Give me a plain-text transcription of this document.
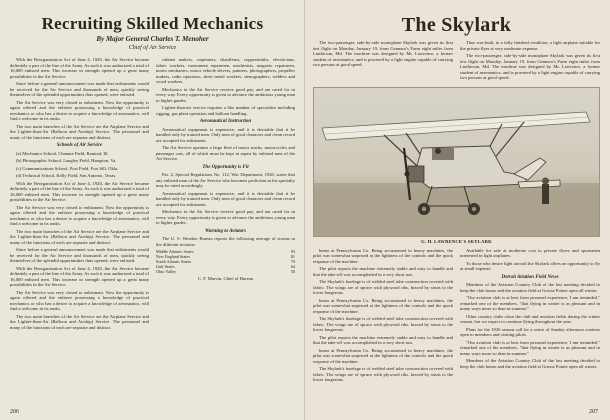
Recruiting Skilled Mechanics
By Major General Charles T. Menoher
Chief of Air Service

With the Reorganization Act of June 4, 1920, the Air Service became definitely a part of the line of the Army. As such it was authorized a total of 16,000 enlisted men. This increase in strength opened up a great many possibilities in the Air Service.

Since before a general announcement was made that enlistments would be received for the Air Service and thousands of men, quickly seeing themselves of the splendid opportunities thus opened, were enlisted.

The Air Service was very closed to enlistment. Now the opportunity is again offered and the enlistee possessing a knowledge of practical mechanics or who has a desire to acquire a knowledge of aeronautics, will find a welcome in its ranks.

The two main branches of the Air Service are the Airplane Service and the Lighter-than-Air (Balloon and Airship) Service. The personnel and many of the functions of each are separate and distinct.

Schools of Air Service

(a) Mechanics School, Chanute Field, Rantoul, Ill.

(b) Photographic School, Langley Field, Hampton, Va.

(c) Communications School, Post Field, Fort Sill, Okla.

(d) Technical School, Kelly Field, San Antonio, Texas.

With the Reorganization Act of June 4, 1920, the Air Service became definitely a part of the line of the Army. As such it was authorized a total of 16,000 enlisted men. This increase in strength opened up a great many possibilities in the Air Service.

The Air Service was very closed to enlistment. Now the opportunity is again offered and the enlistee possessing a knowledge of practical mechanics or who has a desire to acquire a knowledge of aeronautics, will find a welcome in its ranks.

The two main branches of the Air Service are the Airplane Service and the Lighter-than-Air (Balloon and Airship) Service. The personnel and many of the functions of each are separate and distinct.

Since before a general announcement was made that enlistments would be received for the Air Service and thousands of men, quickly seeing themselves of the splendid opportunities thus opened, were enlisted.

With the Reorganization Act of June 4, 1920, the Air Service became definitely a part of the line of the Army. As such it was authorized a total of 16,000 enlisted men. This increase in strength opened up a great many possibilities in the Air Service.

The Air Service was very closed to enlistment. Now the opportunity is again offered and the enlistee possessing a knowledge of practical mechanics or who has a desire to acquire a knowledge of aeronautics, will find a welcome in its ranks.

The two main branches of the Air Service are the Airplane Service and the Lighter-than-Air (Balloon and Airship) Service. The personnel and many of the functions of each are separate and distinct.

cabinet makers, carpenters, chauffeurs, coppersmiths, electricians, fabric workers, instrument repairmen, machinists, magneto repairmen, motor mechanics, motor vehicle drivers, painters, photographers, propeller makers, radio operators, sheet metal workers, stenographers, welders and wood workers.

Mechanics in the Air Service receive good pay, and are cared for in every way. Every opportunity is given to advance the ambitious young man to higher grades.

Lighter-than-air service requires a like number of specialties including rigging, gas plant operation and balloon handling.

Aeronautical Instruction

Aeronautical equipment is expensive, and it is desirable that it be handled only by trained men. Only men of good character and clean record are accepted for enlistment.

The Air Service operates a large fleet of motor trucks, motorcycles and passenger cars, all of which must be kept in repair by enlisted men of the Air Service.

The Opportunity is Fit

Par. 2, Special Regulations No. 112, War Department, 1920, states that any enlisted man of the Air Service who becomes proficient in his specialty may be rated accordingly.

Aeronautical equipment is expensive, and it is desirable that it be handled only by trained men. Only men of good character and clean record are accepted for enlistment.

Mechanics in the Air Service receive good pay, and are cared for in every way. Every opportunity is given to advance the ambitious young man to higher grades.

Warning to Aviators

The U. S. Weather Bureau reports the following average of storms in the different sections:

Middle Atlantic States	93
New England States	81
South Atlantic States	70
Gulf States	64
Ohio Valley	58

C. F. Marvin, Chief of Bureau

206
The Skylark

The two-passenger, side-by-side monoplane Skylark was given its first test flight on Monday, January 19, from Gennaro's Farm eight miles from Linthicum, Md. The machine was designed by Mr. Lawrence, a former student of aeronautics, and is powered by a light engine capable of carrying two persons at good speed.

Thus was built, in a fully finished condition, a light airplane suitable for the private flyer at very moderate expense.

The two-passenger, side-by-side monoplane Skylark was given its first test flight on Monday, January 19, from Gennaro's Farm eight miles from Linthicum, Md. The machine was designed by Mr. Lawrence, a former student of aeronautics, and is powered by a light engine capable of carrying two persons at good speed.

G. H. LAWRENCE'S SKYLARK

beam at Pennsylvania Co. Being accustomed to heavy machines, the pilot was somewhat surprised at the lightness of the controls and the quick response of the machine.

The pilot reports the machine extremely stable and easy to handle and that the take-off was accomplished in a very short run.

The Skylark's fuselage is of welded steel tube construction covered with fabric. The wings are of spruce with plywood ribs, braced by struts to the lower longerons.

beam at Pennsylvania Co. Being accustomed to heavy machines, the pilot was somewhat surprised at the lightness of the controls and the quick response of the machine.

The Skylark's fuselage is of welded steel tube construction covered with fabric. The wings are of spruce with plywood ribs, braced by struts to the lower longerons.

The pilot reports the machine extremely stable and easy to handle and that the take-off was accomplished in a very short run.

beam at Pennsylvania Co. Being accustomed to heavy machines, the pilot was somewhat surprised at the lightness of the controls and the quick response of the machine.

The Skylark's fuselage is of welded steel tube construction covered with fabric. The wings are of spruce with plywood ribs, braced by struts to the lower longerons.

Available for sale at moderate cost to private flyers and sportsmen interested in light airplanes.

To those who desire light aircraft the Skylark offers an opportunity to fly at small expense.

Detroit Aviation Field News

Members of the Aviation Country Club of the last meeting decided to keep the club house and the aviation field at Grosse Pointe open all winter.

"Our aviation club is at best from personal experience, I am reminded," remarked one of the members, "that flying in winter is as pleasant and in many ways more so than in summer."

Other country clubs close the club and aviation fields during the winter season, but we expect to continue flying throughout the year.

Plans for the 1926 season call for a series of Sunday afternoon contests open to members and visiting pilots.

"Our aviation club is at best from personal experience, I am reminded," remarked one of the members, "that flying in winter is as pleasant and in many ways more so than in summer."

Members of the Aviation Country Club of the last meeting decided to keep the club house and the aviation field at Grosse Pointe open all winter.

207
